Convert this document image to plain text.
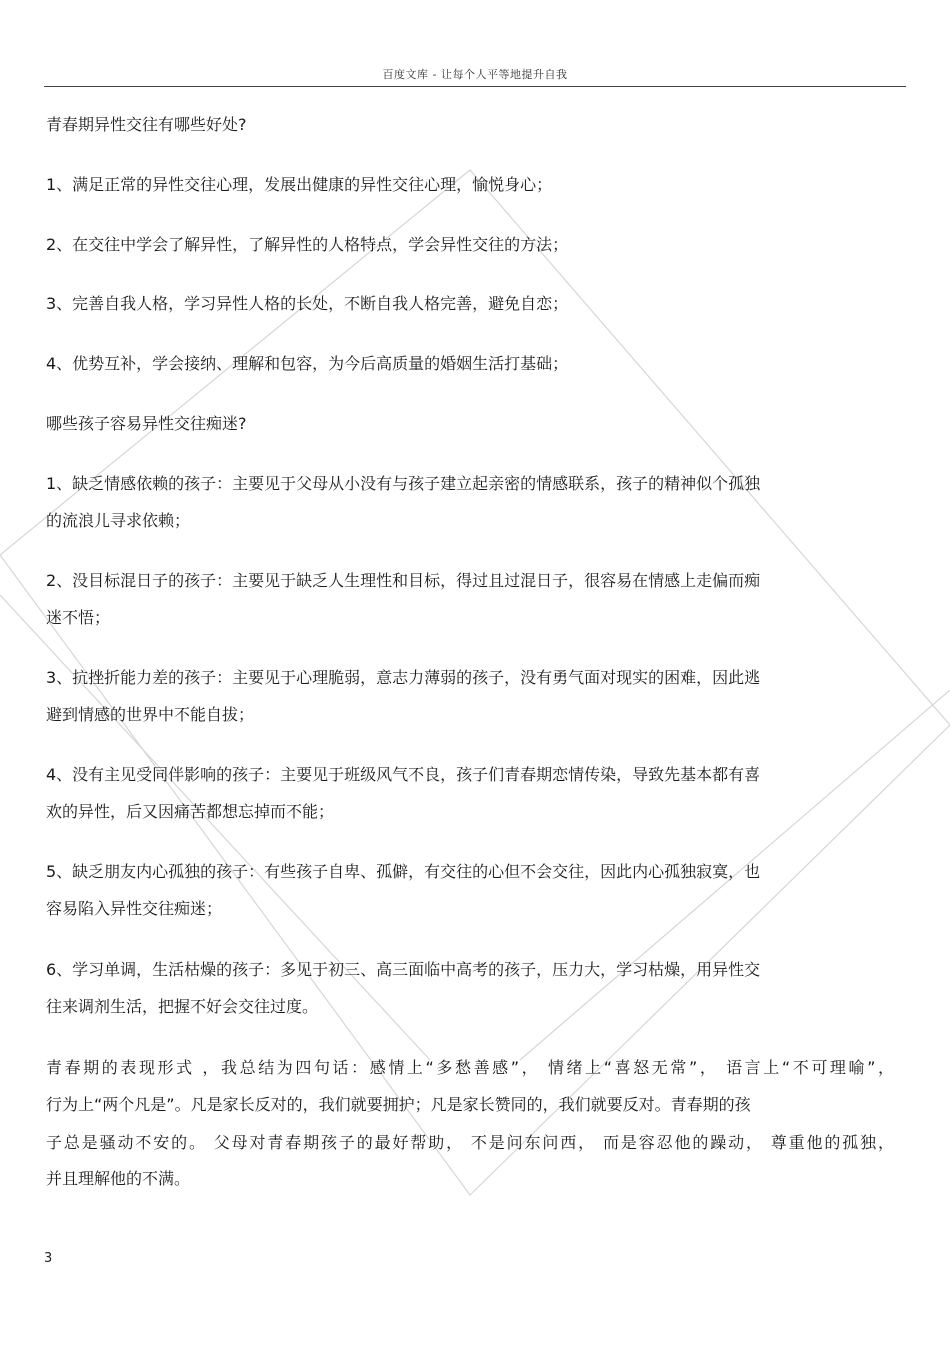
百度文库 - 让每个人平等地提升自我
青春期异性交往有哪些好处?
1、满足正常的异性交往心理，发展出健康的异性交往心理，愉悦身心；
2、在交往中学会了解异性，了解异性的人格特点，学会异性交往的方法；
3、完善自我人格，学习异性人格的长处，不断自我人格完善，避免自恋；
4、优势互补，学会接纳、理解和包容，为今后高质量的婚姻生活打基础；
哪些孩子容易异性交往痴迷?
1、缺乏情感依赖的孩子：主要见于父母从小没有与孩子建立起亲密的情感联系，孩子的精神似个孤独
的流浪儿寻求依赖；
2、没目标混日子的孩子：主要见于缺乏人生理性和目标，得过且过混日子，很容易在情感上走偏而痴
迷不悟；
3、抗挫折能力差的孩子：主要见于心理脆弱，意志力薄弱的孩子，没有勇气面对现实的困难，因此逃
避到情感的世界中不能自拔；
4、没有主见受同伴影响的孩子：主要见于班级风气不良，孩子们青春期恋情传染，导致先基本都有喜
欢的异性，后又因痛苦都想忘掉而不能；
5、缺乏朋友内心孤独的孩子：有些孩子自卑、孤僻，有交往的心但不会交往，因此内心孤独寂寞，也
容易陷入异性交往痴迷；
6、学习单调，生活枯燥的孩子：多见于初三、高三面临中高考的孩子，压力大，学习枯燥，用异性交
往来调剂生活，把握不好会交往过度。
青春期的表现形式 ，我总结为四句话：感情上“多愁善感”， 情绪上“喜怒无常”， 语言上“不可理喻”，
行为上“两个凡是”。凡是家长反对的，我们就要拥护；凡是家长赞同的，我们就要反对。青春期的孩
子总是骚动不安的。 父母对青春期孩子的最好帮助， 不是问东问西， 而是容忍他的躁动， 尊重他的孤独，
并且理解他的不满。
3
